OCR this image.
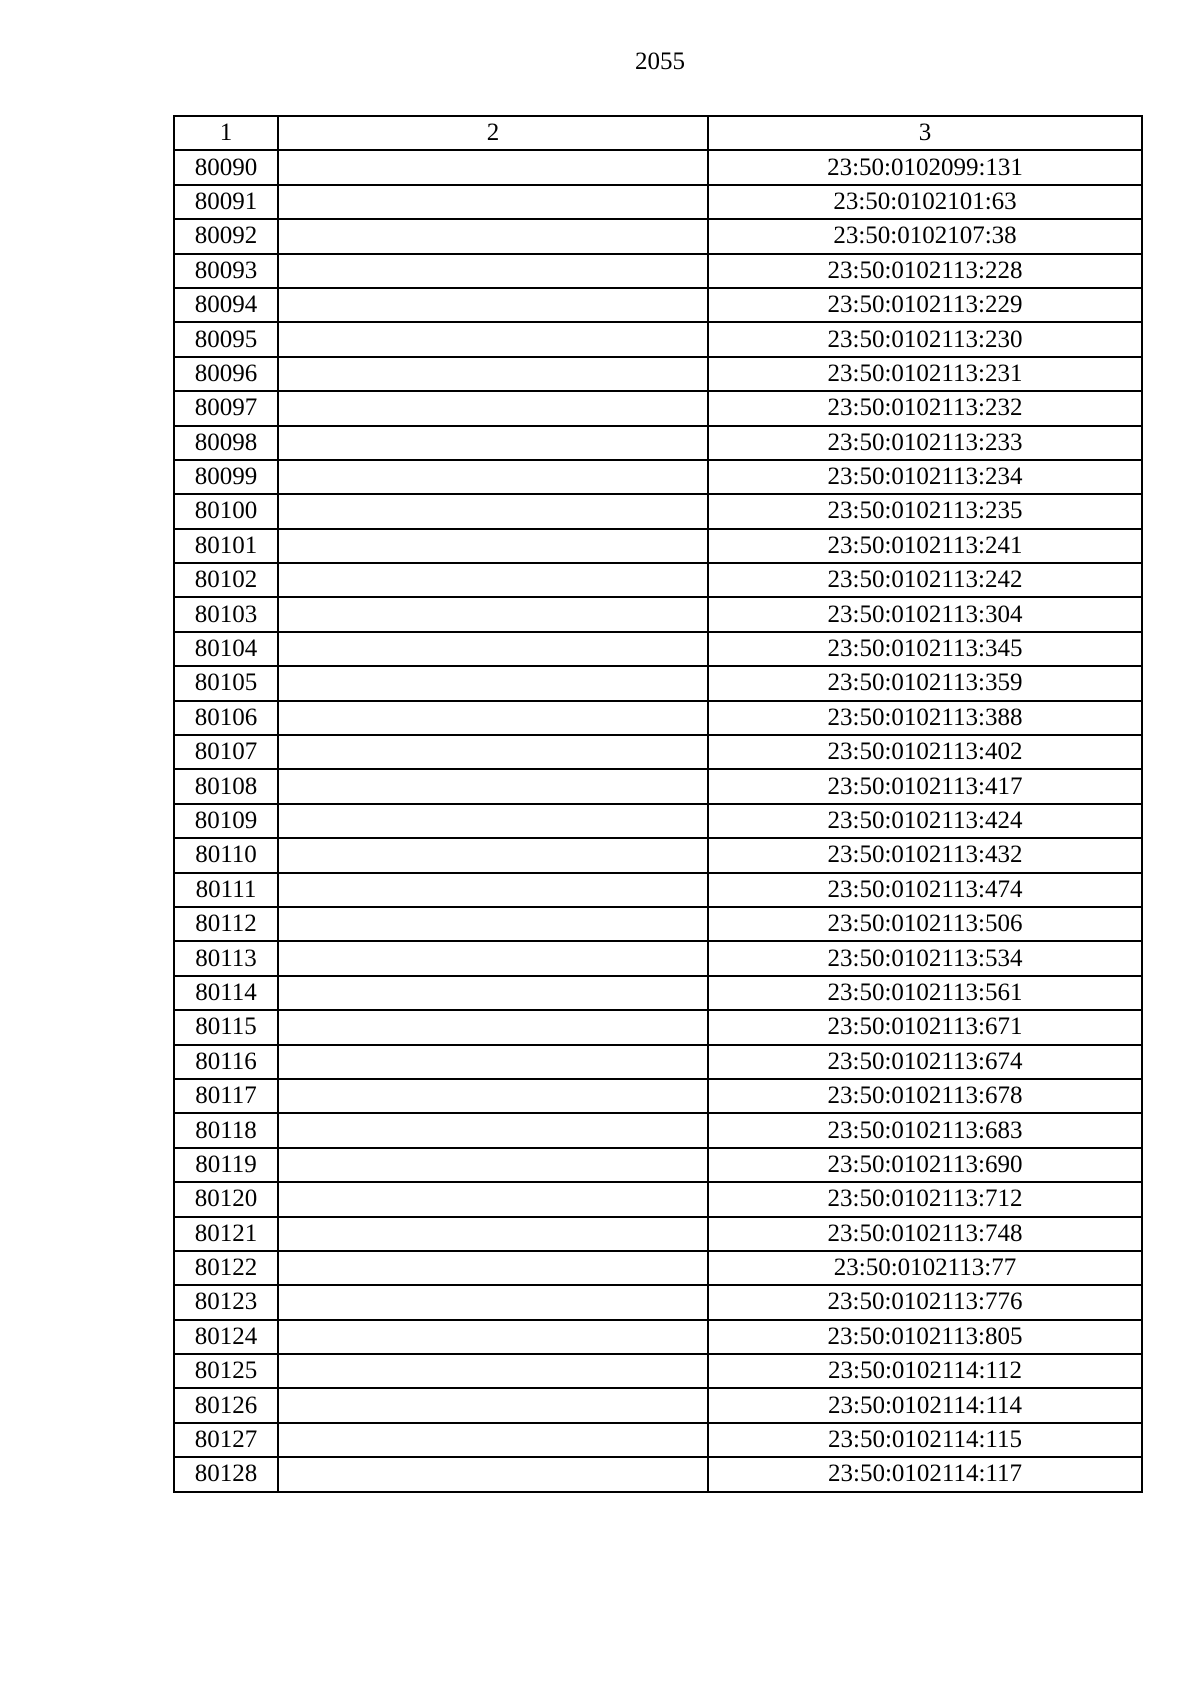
2055
1	2	3
80090		23:50:0102099:131
80091		23:50:0102101:63
80092		23:50:0102107:38
80093		23:50:0102113:228
80094		23:50:0102113:229
80095		23:50:0102113:230
80096		23:50:0102113:231
80097		23:50:0102113:232
80098		23:50:0102113:233
80099		23:50:0102113:234
80100		23:50:0102113:235
80101		23:50:0102113:241
80102		23:50:0102113:242
80103		23:50:0102113:304
80104		23:50:0102113:345
80105		23:50:0102113:359
80106		23:50:0102113:388
80107		23:50:0102113:402
80108		23:50:0102113:417
80109		23:50:0102113:424
80110		23:50:0102113:432
80111		23:50:0102113:474
80112		23:50:0102113:506
80113		23:50:0102113:534
80114		23:50:0102113:561
80115		23:50:0102113:671
80116		23:50:0102113:674
80117		23:50:0102113:678
80118		23:50:0102113:683
80119		23:50:0102113:690
80120		23:50:0102113:712
80121		23:50:0102113:748
80122		23:50:0102113:77
80123		23:50:0102113:776
80124		23:50:0102113:805
80125		23:50:0102114:112
80126		23:50:0102114:114
80127		23:50:0102114:115
80128		23:50:0102114:117
